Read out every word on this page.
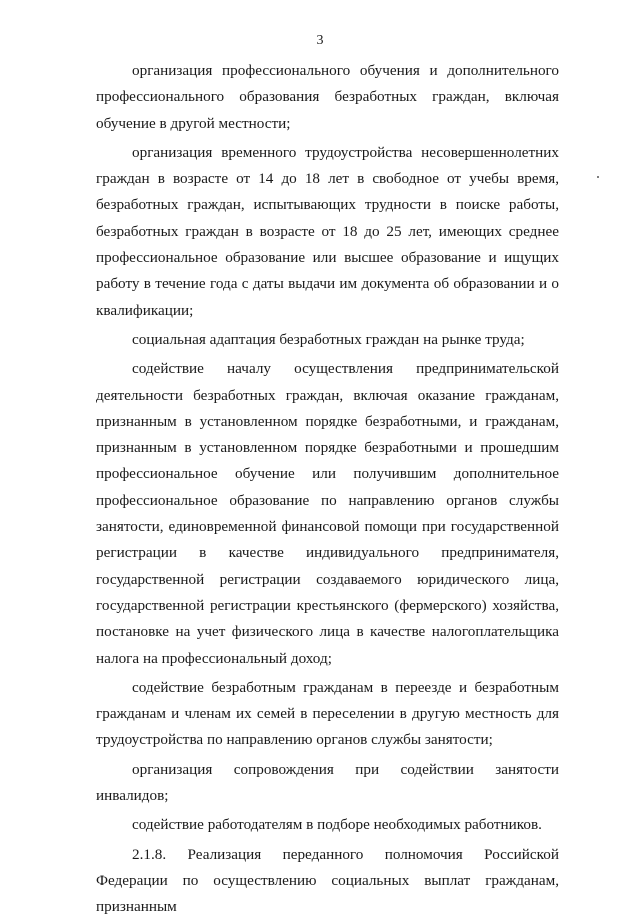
3

организация профессионального обучения и дополнительного профессионального образования безработных граждан, включая обучение в другой местности;

организация временного трудоустройства несовершеннолетних граждан в возрасте от 14 до 18 лет в свободное от учебы время, безработных граждан, испытывающих трудности в поиске работы, безработных граждан в возрасте от 18 до 25 лет, имеющих среднее профессиональное образование или высшее образование и ищущих работу в течение года с даты выдачи им документа об образовании и о квалификации;

социальная адаптация безработных граждан на рынке труда;

содействие началу осуществления предпринимательской деятельности безработных граждан, включая оказание гражданам, признанным в установленном порядке безработными, и гражданам, признанным в установленном порядке безработными и прошедшим профессиональное обучение или получившим дополнительное профессиональное образование по направлению органов службы занятости, единовременной финансовой помощи при государственной регистрации в качестве индивидуального предпринимателя, государственной регистрации создаваемого юридического лица, государственной регистрации крестьянского (фермерского) хозяйства, постановке на учет физического лица в качестве налогоплательщика налога на профессиональный доход;

содействие безработным гражданам в переезде и безработным гражданам и членам их семей в переселении в другую местность для трудоустройства по направлению органов службы занятости;

организация сопровождения при содействии занятости инвалидов;

содействие работодателям в подборе необходимых работников.

2.1.8. Реализация переданного полномочия Российской Федерации по осуществлению социальных выплат гражданам, признанным
